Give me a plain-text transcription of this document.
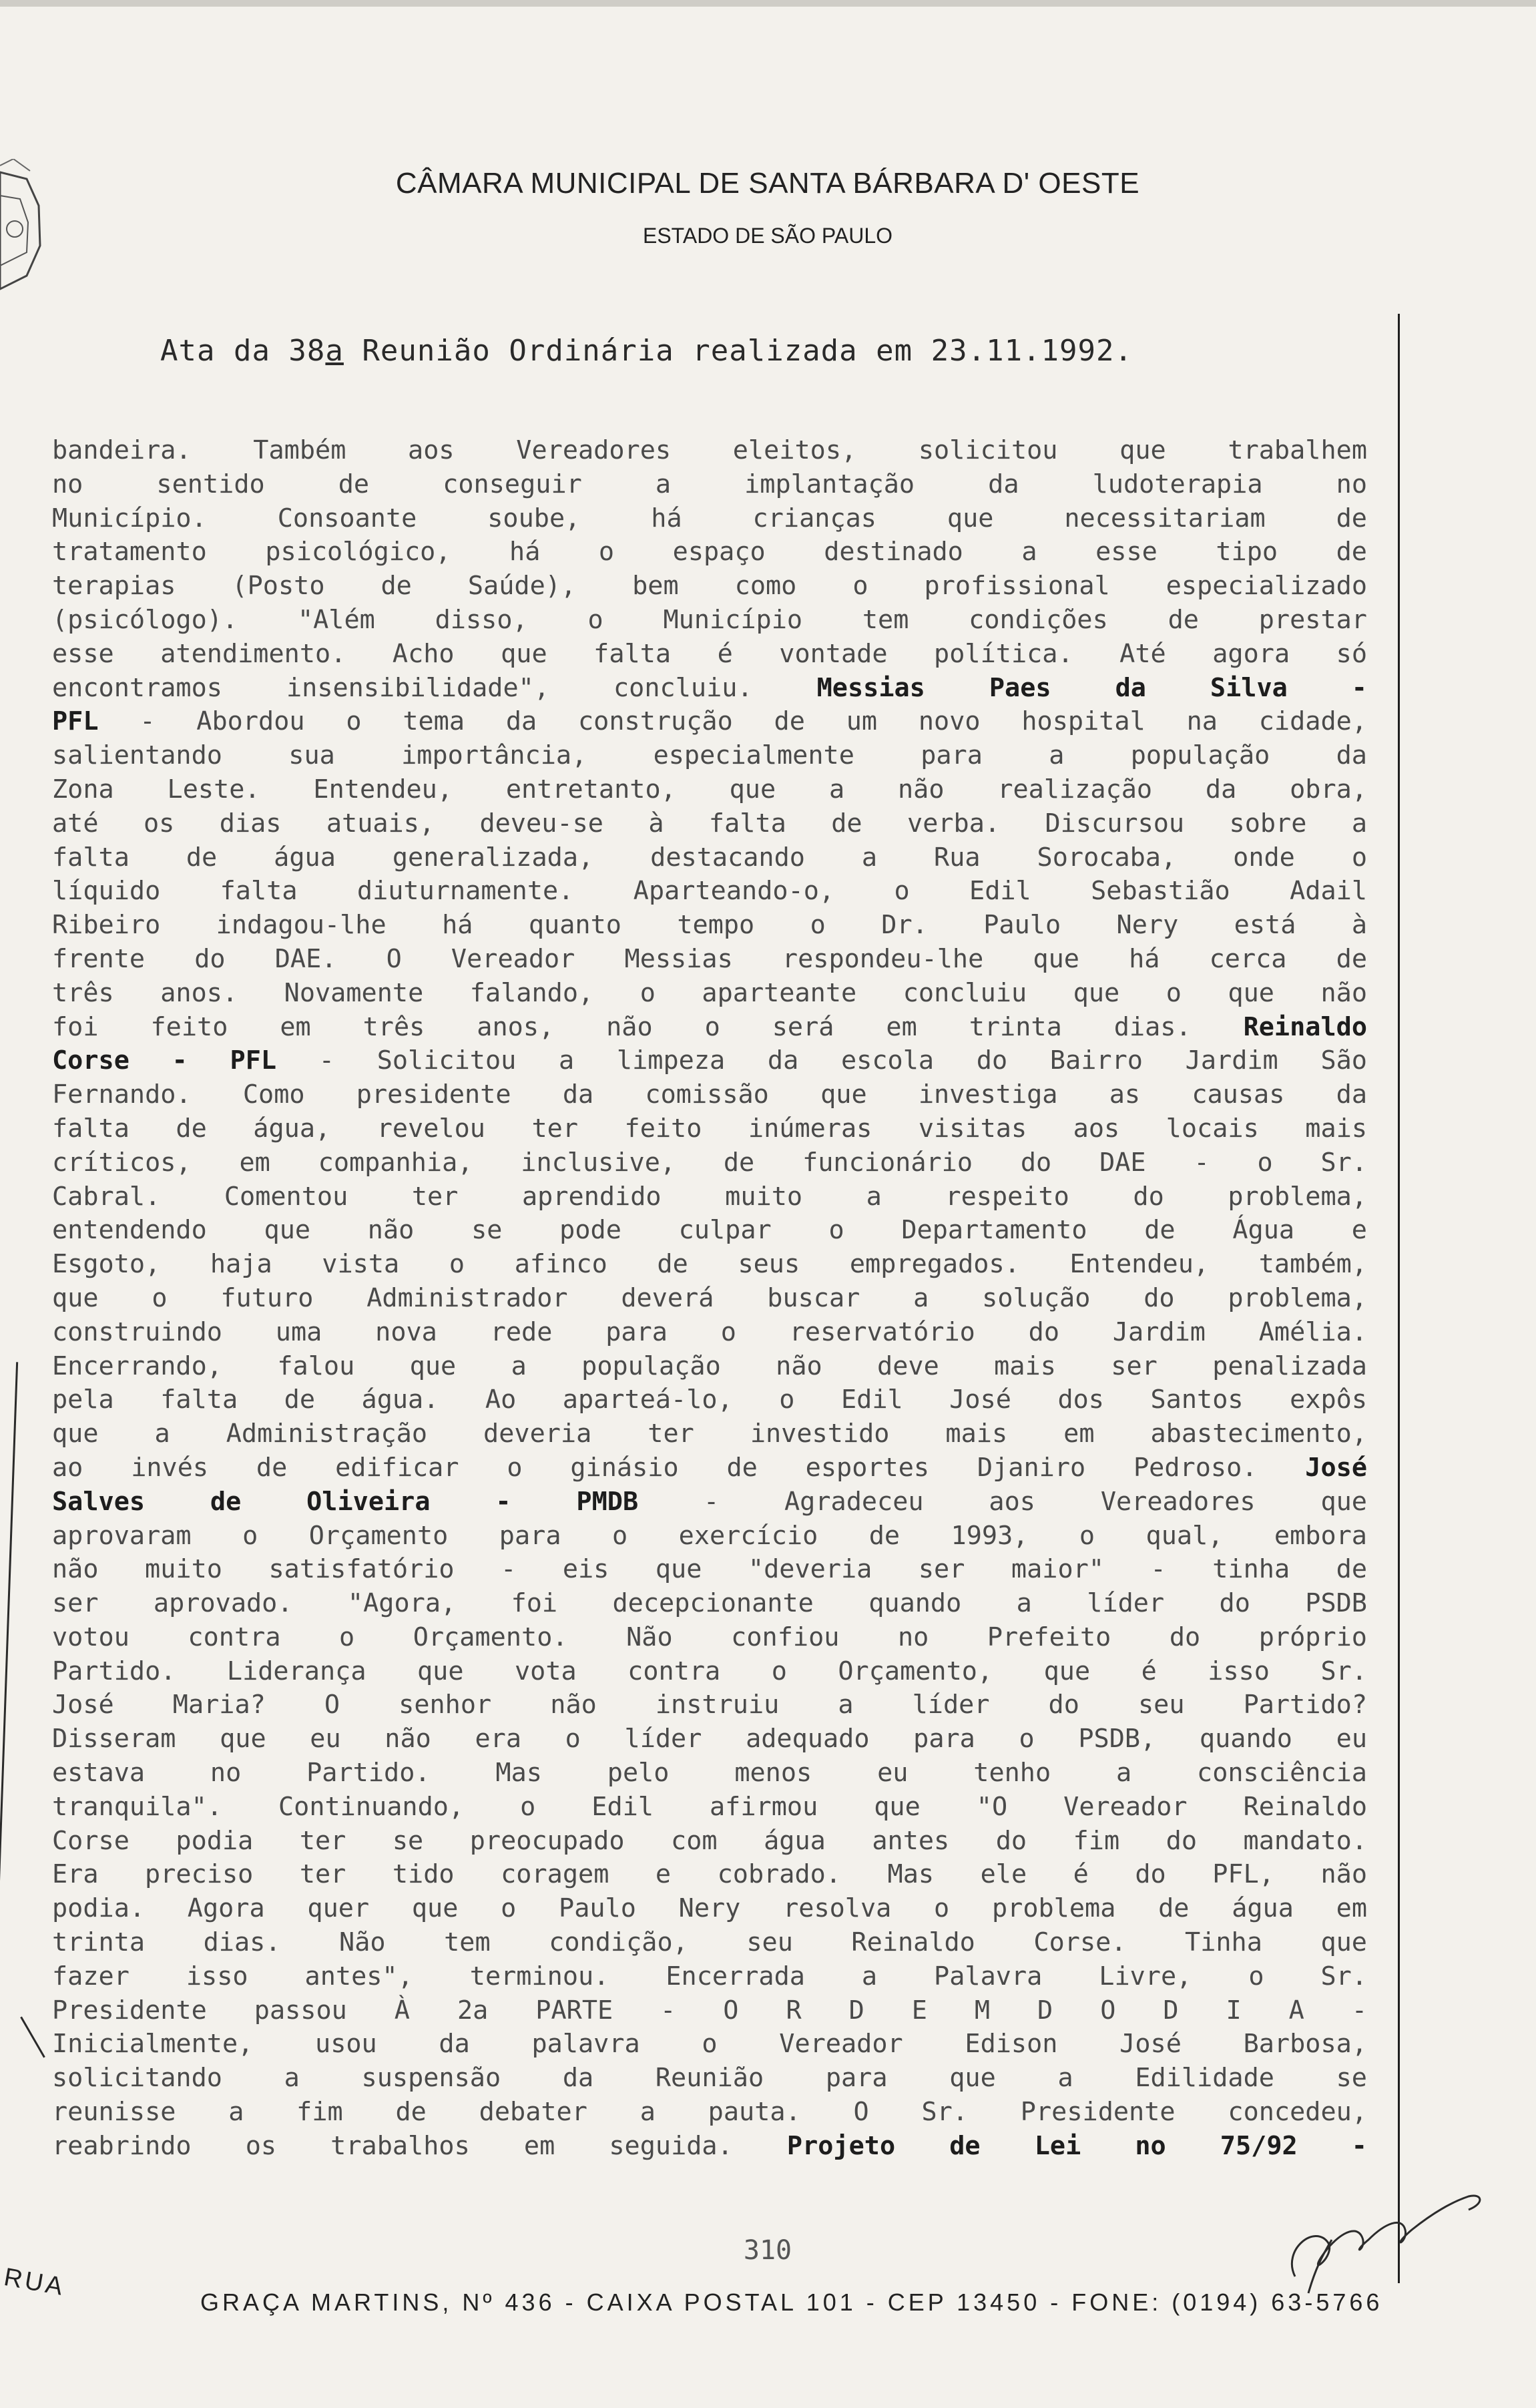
CÂMARA MUNICIPAL DE SANTA BÁRBARA D' OESTE
ESTADO DE SÃO PAULO
Ata da 38a Reunião Ordinária realizada em 23.11.1992.
bandeira. Também aos Vereadores eleitos, solicitou que trabalhem
no sentido de conseguir a implantação da ludoterapia no
Município. Consoante soube, há crianças que necessitariam de
tratamento psicológico, há o espaço destinado a esse tipo de
terapias (Posto de Saúde), bem como o profissional especializado
(psicólogo). "Além disso, o Município tem condições de prestar
esse atendimento. Acho que falta é vontade política. Até agora só
encontramos insensibilidade", concluiu. Messias Paes da Silva -
PFL - Abordou o tema da construção de um novo hospital na cidade,
salientando sua importância, especialmente para a população da
Zona Leste. Entendeu, entretanto, que a não realização da obra,
até os dias atuais, deveu-se à falta de verba. Discursou sobre a
falta de água generalizada, destacando a Rua Sorocaba, onde o
líquido falta diuturnamente. Aparteando-o, o Edil Sebastião Adail
Ribeiro indagou-lhe há quanto tempo o Dr. Paulo Nery está à
frente do DAE. O Vereador Messias respondeu-lhe que há cerca de
três anos. Novamente falando, o aparteante concluiu que o que não
foi feito em três anos, não o será em trinta dias. Reinaldo
Corse - PFL - Solicitou a limpeza da escola do Bairro Jardim São
Fernando. Como presidente da comissão que investiga as causas da
falta de água, revelou ter feito inúmeras visitas aos locais mais
críticos, em companhia, inclusive, de funcionário do DAE - o Sr.
Cabral. Comentou ter aprendido muito a respeito do problema,
entendendo que não se pode culpar o Departamento de Água e
Esgoto, haja vista o afinco de seus empregados. Entendeu, também,
que o futuro Administrador deverá buscar a solução do problema,
construindo uma nova rede para o reservatório do Jardim Amélia.
Encerrando, falou que a população não deve mais ser penalizada
pela falta de água. Ao aparteá-lo, o Edil José dos Santos expôs
que a Administração deveria ter investido mais em abastecimento,
ao invés de edificar o ginásio de esportes Djaniro Pedroso. José
Salves de Oliveira - PMDB - Agradeceu aos Vereadores que
aprovaram o Orçamento para o exercício de 1993, o qual, embora
não muito satisfatório - eis que "deveria ser maior" - tinha de
ser aprovado. "Agora, foi decepcionante quando a líder do PSDB
votou contra o Orçamento. Não confiou no Prefeito do próprio
Partido. Liderança que vota contra o Orçamento, que é isso Sr.
José Maria? O senhor não instruiu a líder do seu Partido?
Disseram que eu não era o líder adequado para o PSDB, quando eu
estava no Partido. Mas pelo menos eu tenho a consciência
tranquila". Continuando, o Edil afirmou que "O Vereador Reinaldo
Corse podia ter se preocupado com água antes do fim do mandato.
Era preciso ter tido coragem e cobrado. Mas ele é do PFL, não
podia. Agora quer que o Paulo Nery resolva o problema de água em
trinta dias. Não tem condição, seu Reinaldo Corse. Tinha que
fazer isso antes", terminou. Encerrada a Palavra Livre, o Sr.
Presidente passou À 2a PARTE - O R D E M D O D I A -
Inicialmente, usou da palavra o Vereador Edison José Barbosa,
solicitando a suspensão da Reunião para que a Edilidade se
reunisse a fim de debater a pauta. O Sr. Presidente concedeu,
reabrindo os trabalhos em seguida. Projeto de Lei no 75/92 -
310
RUA
GRAÇA MARTINS, Nº 436 - CAIXA POSTAL 101 - CEP 13450 - FONE: (0194) 63-5766
